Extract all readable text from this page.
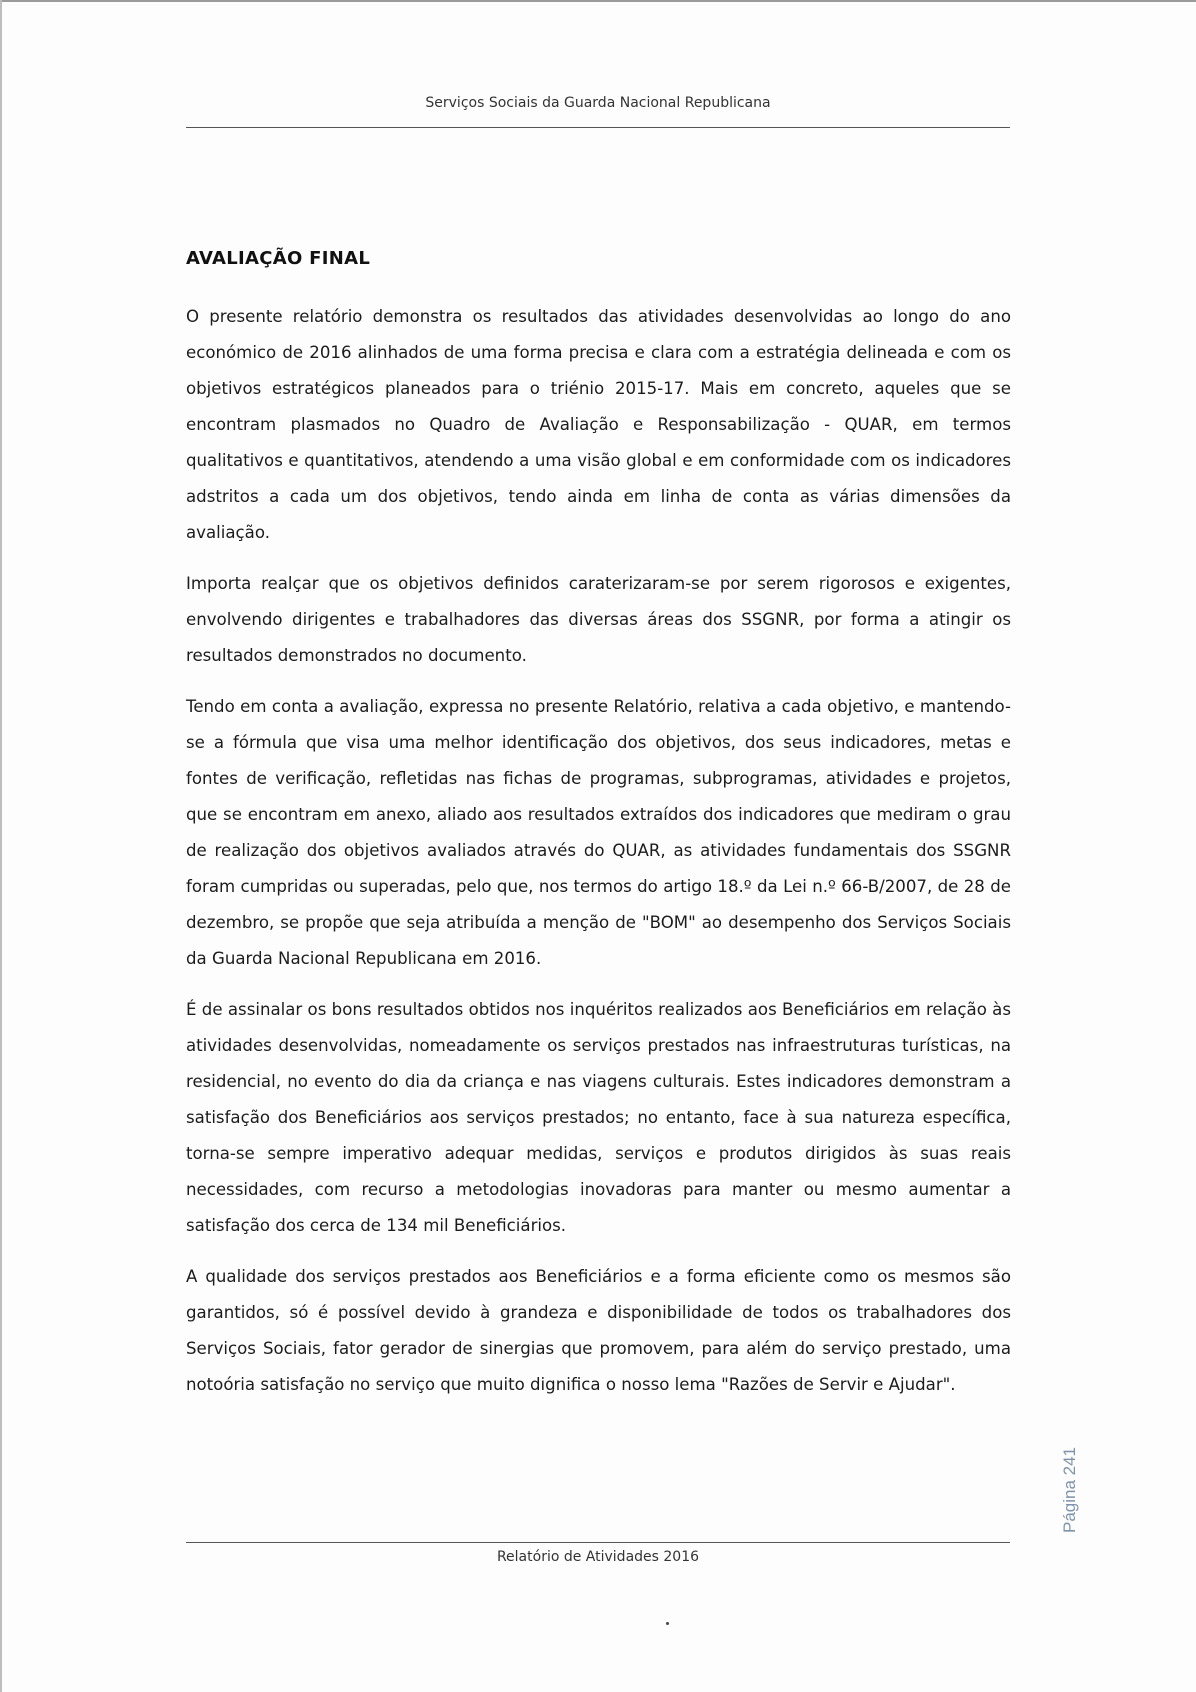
Serviços Sociais da Guarda Nacional Republicana
AVALIAÇÃO FINAL

O presente relatório demonstra os resultados das atividades desenvolvidas ao longo do ano económico de 2016 alinhados de uma forma precisa e clara com a estratégia delineada e com os objetivos estratégicos planeados para o triénio 2015-17. Mais em concreto, aqueles que se encontram plasmados no Quadro de Avaliação e Responsabilização - QUAR, em termos qualitativos e quantitativos, atendendo a uma visão global e em conformidade com os indicadores adstritos a cada um dos objetivos, tendo ainda em linha de conta as várias dimensões da avaliação.

Importa realçar que os objetivos definidos caraterizaram-se por serem rigorosos e exigentes, envolvendo dirigentes e trabalhadores das diversas áreas dos SSGNR, por forma a atingir os resultados demonstrados no documento.

Tendo em conta a avaliação, expressa no presente Relatório, relativa a cada objetivo, e mantendo-se a fórmula que visa uma melhor identificação dos objetivos, dos seus indicadores, metas e fontes de verificação, refletidas nas fichas de programas, subprogramas, atividades e projetos, que se encontram em anexo, aliado aos resultados extraídos dos indicadores que mediram o grau de realização dos objetivos avaliados através do QUAR, as atividades fundamentais dos SSGNR foram cumpridas ou superadas, pelo que, nos termos do artigo 18.º da Lei n.º 66-B/2007, de 28 de dezembro, se propõe que seja atribuída a menção de "BOM" ao desempenho dos Serviços Sociais da Guarda Nacional Republicana em 2016.

É de assinalar os bons resultados obtidos nos inquéritos realizados aos Beneficiários em relação às atividades desenvolvidas, nomeadamente os serviços prestados nas infraestruturas turísticas, na residencial, no evento do dia da criança e nas viagens culturais. Estes indicadores demonstram a satisfação dos Beneficiários aos serviços prestados; no entanto, face à sua natureza específica, torna-se sempre imperativo adequar medidas, serviços e produtos dirigidos às suas reais necessidades, com recurso a metodologias inovadoras para manter ou mesmo aumentar a satisfação dos cerca de 134 mil Beneficiários.

A qualidade dos serviços prestados aos Beneficiários e a forma eficiente como os mesmos são garantidos, só é possível devido à grandeza e disponibilidade de todos os trabalhadores dos Serviços Sociais, fator gerador de sinergias que promovem, para além do serviço prestado, uma notoória satisfação no serviço que muito dignifica o nosso lema "Razões de Servir e Ajudar".

Página 241
Relatório de Atividades 2016
